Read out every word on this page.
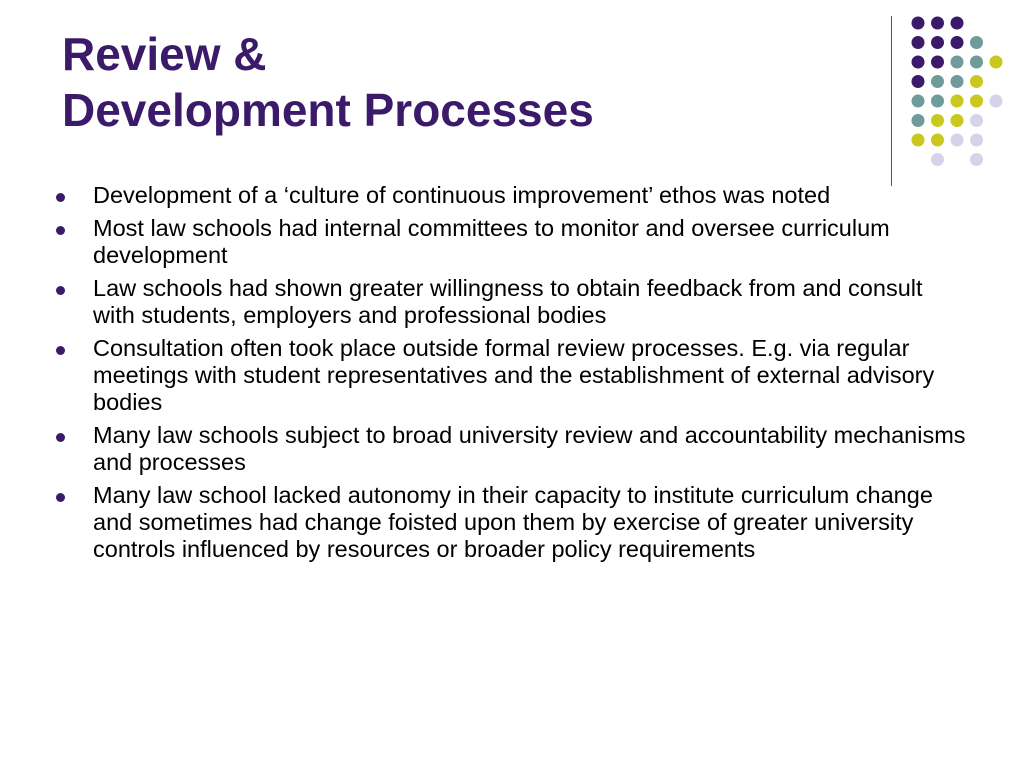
Review &
Development Processes
Development of a ‘culture of continuous improvement’ ethos was noted
Most law schools had internal committees to monitor and oversee curriculum development
Law schools had shown greater willingness to obtain feedback from and consult with students, employers and professional bodies
Consultation often took place outside formal review processes. E.g. via regular meetings with student representatives and the establishment of external advisory bodies
Many law schools subject to broad university review and accountability mechanisms and processes
Many law school lacked autonomy in their capacity to institute curriculum change and sometimes had change foisted upon them by exercise of greater university controls influenced by resources or broader policy requirements
